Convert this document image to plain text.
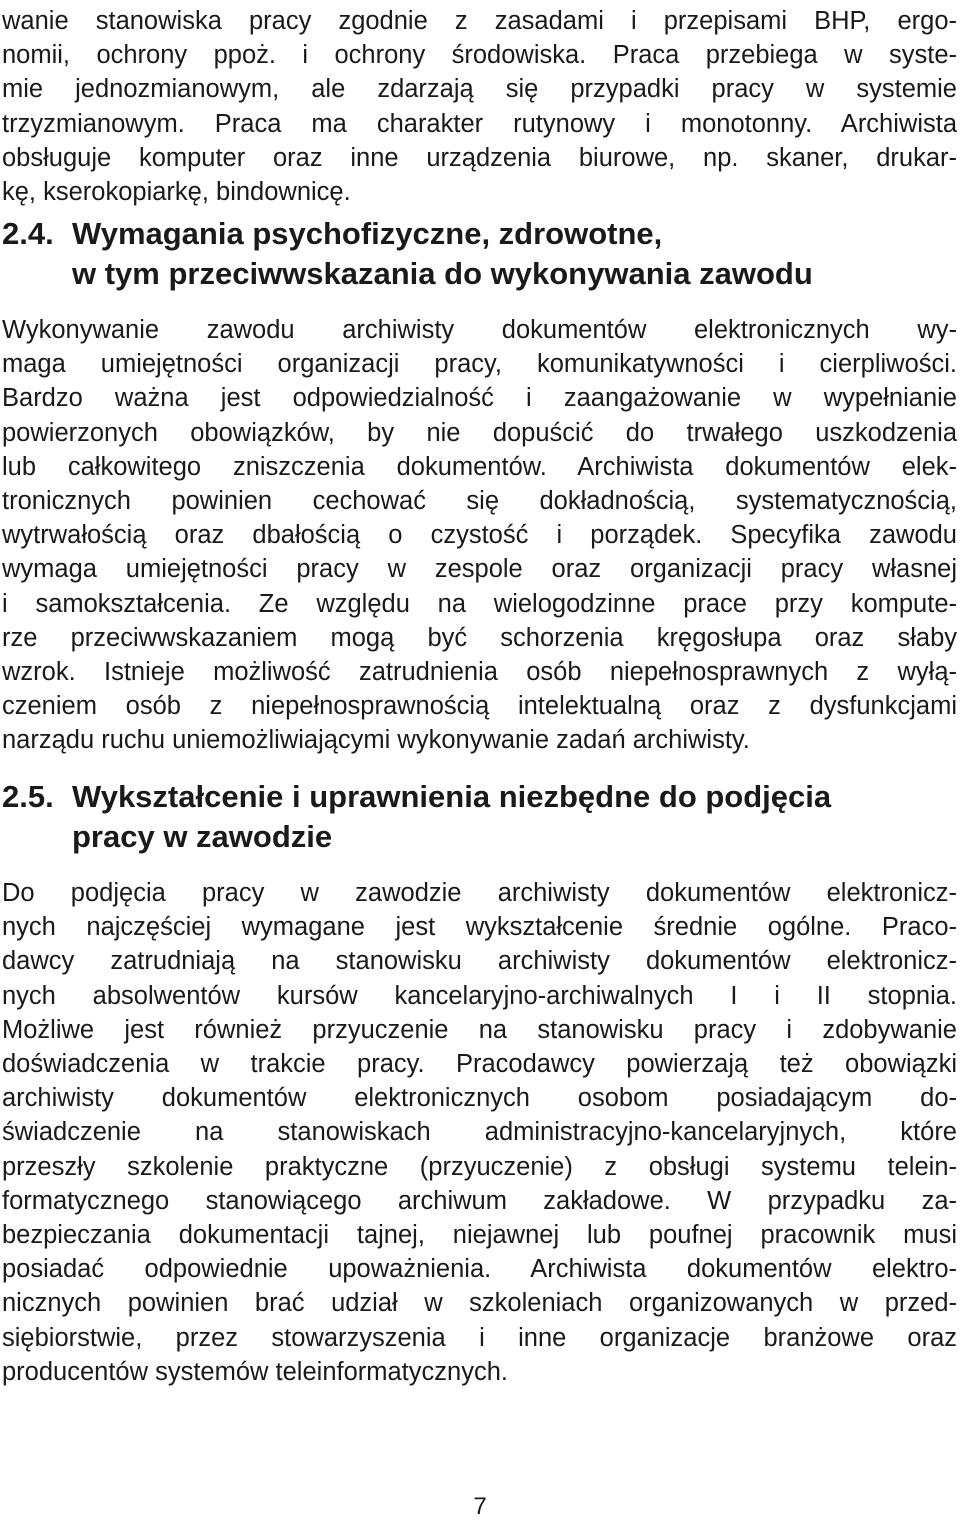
wanie stanowiska pracy zgodnie z zasadami i przepisami BHP, ergo-
nomii, ochrony ppoż. i ochrony środowiska. Praca przebiega w syste-
mie jednozmianowym, ale zdarzają się przypadki pracy w systemie
trzyzmianowym. Praca ma charakter rutynowy i monotonny. Archiwista
obsługuje komputer oraz inne urządzenia biurowe, np. skaner, drukar-
kę, kserokopiarkę, bindownicę.
2.4. Wymagania psychofizyczne, zdrowotne,
w tym przeciwwskazania do wykonywania zawodu
Wykonywanie zawodu archiwisty dokumentów elektronicznych wy-
maga umiejętności organizacji pracy, komunikatywności i cierpliwości.
Bardzo ważna jest odpowiedzialność i zaangażowanie w wypełnianie
powierzonych obowiązków, by nie dopuścić do trwałego uszkodzenia
lub całkowitego zniszczenia dokumentów. Archiwista dokumentów elek-
tronicznych powinien cechować się dokładnością, systematycznością,
wytrwałością oraz dbałością o czystość i porządek. Specyfika zawodu
wymaga umiejętności pracy w zespole oraz organizacji pracy własnej
i samokształcenia. Ze względu na wielogodzinne prace przy kompute-
rze przeciwwskazaniem mogą być schorzenia kręgosłupa oraz słaby
wzrok. Istnieje możliwość zatrudnienia osób niepełnosprawnych z wyłą-
czeniem osób z niepełnosprawnością intelektualną oraz z dysfunkcjami
narządu ruchu uniemożliwiającymi wykonywanie zadań archiwisty.
2.5. Wykształcenie i uprawnienia niezbędne do podjęcia
pracy w zawodzie
Do podjęcia pracy w zawodzie archiwisty dokumentów elektronicz-
nych najczęściej wymagane jest wykształcenie średnie ogólne. Praco-
dawcy zatrudniają na stanowisku archiwisty dokumentów elektronicz-
nych absolwentów kursów kancelaryjno-archiwalnych I i II stopnia.
Możliwe jest również przyuczenie na stanowisku pracy i zdobywanie
doświadczenia w trakcie pracy. Pracodawcy powierzają też obowiązki
archiwisty dokumentów elektronicznych osobom posiadającym do-
świadczenie na stanowiskach administracyjno-kancelaryjnych, które
przeszły szkolenie praktyczne (przyuczenie) z obsługi systemu telein-
formatycznego stanowiącego archiwum zakładowe. W przypadku za-
bezpieczania dokumentacji tajnej, niejawnej lub poufnej pracownik musi
posiadać odpowiednie upoważnienia. Archiwista dokumentów elektro-
nicznych powinien brać udział w szkoleniach organizowanych w przed-
siębiorstwie, przez stowarzyszenia i inne organizacje branżowe oraz
producentów systemów teleinformatycznych.
7
